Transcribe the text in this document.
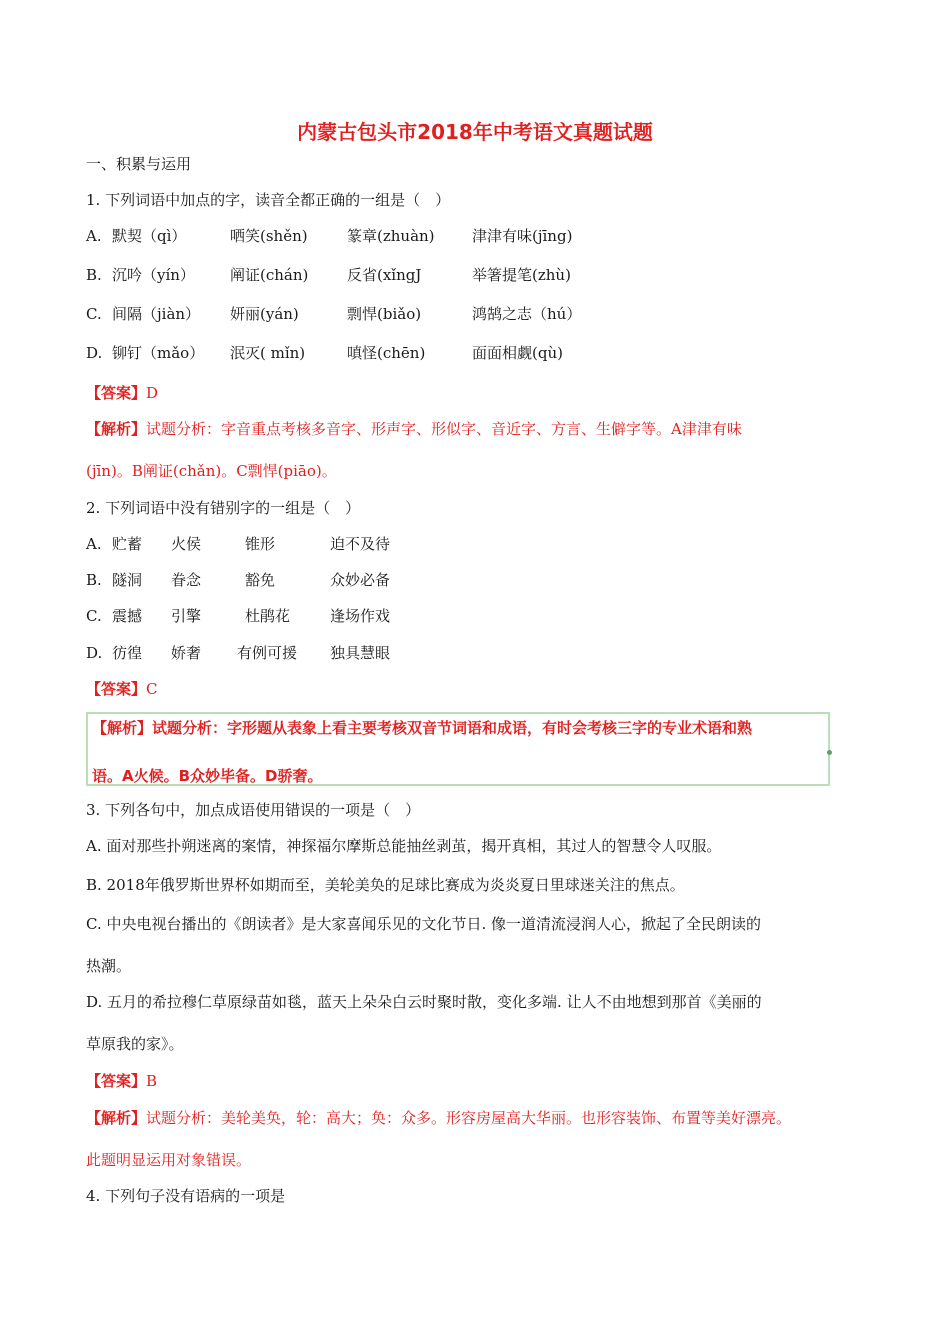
内蒙古包头市2018年中考语文真题试题
一、积累与运用
1. 下列词语中加点的字，读音全都正确的一组是（　）
A. 默契（qì）	哂笑(shěn)	篆章(zhuàn) 津津有味(jīng)
B. 沉吟（yín） 阐证(chán)	反省(xǐngJ	举箸提笔(zhù)
C. 间隔（jiàn） 妍丽(yán)	剽悍(biǎo)	鸿鹄之志（hú）
D. 铆钉（mǎo） 泯灭( mǐn)	嗔怪(chēn)	面面相觑(qù)
【答案】D
【解析】试题分析：字音重点考核多音字、形声字、形似字、音近字、方言、生僻字等。A津津有味
(jīn)。B阐证(chǎn)。C剽悍(piāo)。
2. 下列词语中没有错别字的一组是（　）
A. 贮蓄 火侯	锥形	迫不及待
B. 隧洞 眷念	豁免	众妙必备
C. 震撼 引擎	杜鹃花	逢场作戏
D. 彷徨 娇奢 有例可援 独具慧眼
【答案】C
【解析】试题分析：字形题从表象上看主要考核双音节词语和成语，有时会考核三字的专业术语和熟
语。A火候。B众妙毕备。D骄奢。
3. 下列各句中，加点成语使用错误的一项是（　）
A. 面对那些扑朔迷离的案情，神探福尔摩斯总能抽丝剥茧，揭开真相，其过人的智慧令人叹服。
B. 2018年俄罗斯世界杯如期而至，美轮美奂的足球比赛成为炎炎夏日里球迷关注的焦点。
C. 中央电视台播出的《朗读者》是大家喜闻乐见的文化节日. 像一道清流浸润人心，掀起了全民朗读的
热潮。
D. 五月的希拉穆仁草原绿苗如毯，蓝天上朵朵白云时聚时散，变化多端. 让人不由地想到那首《美丽的
草原我的家》。
【答案】B
【解析】试题分析：美轮美奂，轮：高大；奂：众多。形容房屋高大华丽。也形容装饰、布置等美好漂亮。
此题明显运用对象错误。
4. 下列句子没有语病的一项是
